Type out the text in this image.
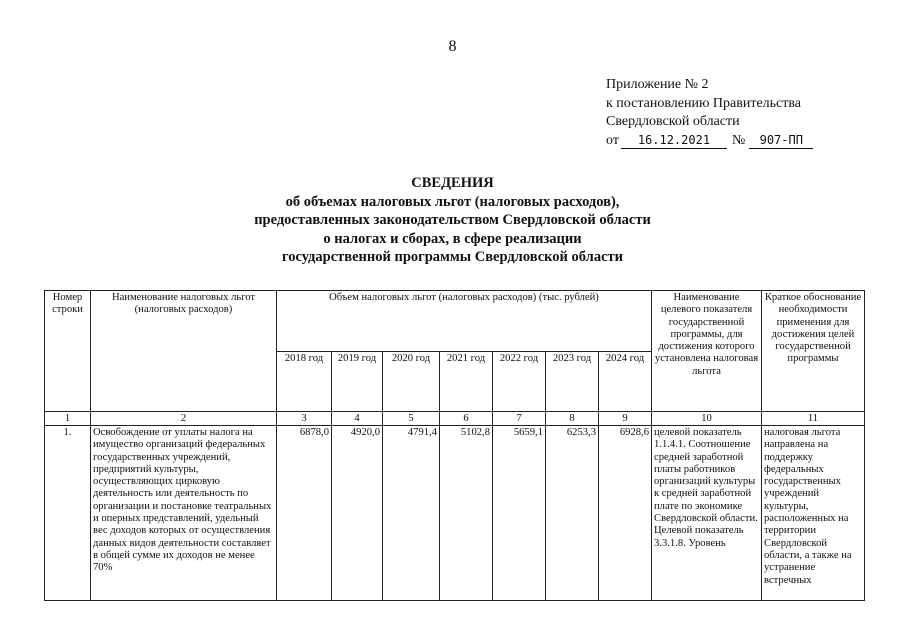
8
Приложение № 2
к постановлению Правительства
Свердловской области
от	16.12.2021	№	907-ПП
СВЕДЕНИЯ
об объемах налоговых льгот (налоговых расходов),
предоставленных законодательством Свердловской области
о налогах и сборах, в сфере реализации
государственной программы Свердловской области
Номер строки	Наименование налоговых льгот (налоговых расходов)	Объем налоговых льгот (налоговых расходов) (тыс. рублей)							Наименование целевого показателя государственной программы, для достижения которого установлена налоговая льгота	Краткое обоснование необходимости применения для достижения целей государственной программы
		2018 год	2019 год	2020 год	2021 год	2022 год	2023 год	2024 год		
1	2	3	4	5	6	7	8	9	10	11
1.	Освобождение от уплаты налога на имущество организаций федеральных государственных учреждений, предприятий культуры, осуществляющих цирковую деятельность или деятельность по организации и постановке театральных и оперных представлений, удельный вес доходов которых от осуществления данных видов деятельности составляет в общей сумме их доходов не менее 70%	6878,0	4920,0	4791,4	5102,8	5659,1	6253,3	6928,6	целевой показатель 1.1.4.1. Соотношение средней заработной платы работников организаций культуры к средней заработной плате по экономике Свердловской области. Целевой показатель 3.3.1.8. Уровень	налоговая льгота направлена на поддержку федеральных государственных учреждений культуры, расположенных на территории Свердловской области, а также на устранение встречных
